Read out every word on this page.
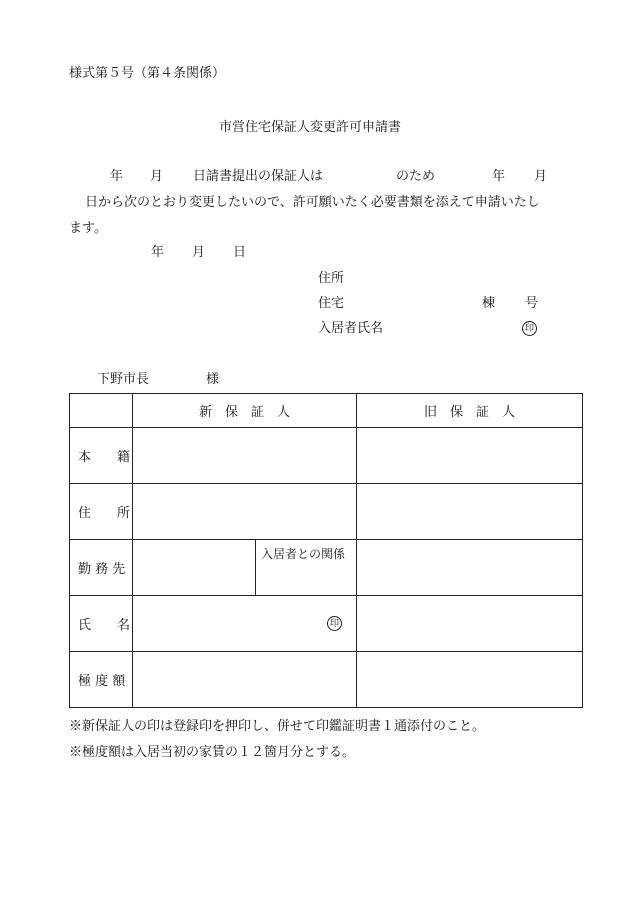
様式第５号（第４条関係）
市営住宅保証人変更許可申請書
年 月 日請書提出の保証人は	のため	年 月
日から次のとおり変更したいので、許可願いたく必要書類を添えて申請いたし
ます。
年 月 日
住所
住宅	棟 号
入居者氏名	印
下野市長	様
	新　保　証　人		旧　保　証　人
本　　籍			
住　　所			
勤 務 先		入居者との関係	

氏　　名	印		

極 度 額			
※新保証人の印は登録印を押印し、併せて印鑑証明書１通添付のこと。
※極度額は入居当初の家賃の１２箇月分とする。
